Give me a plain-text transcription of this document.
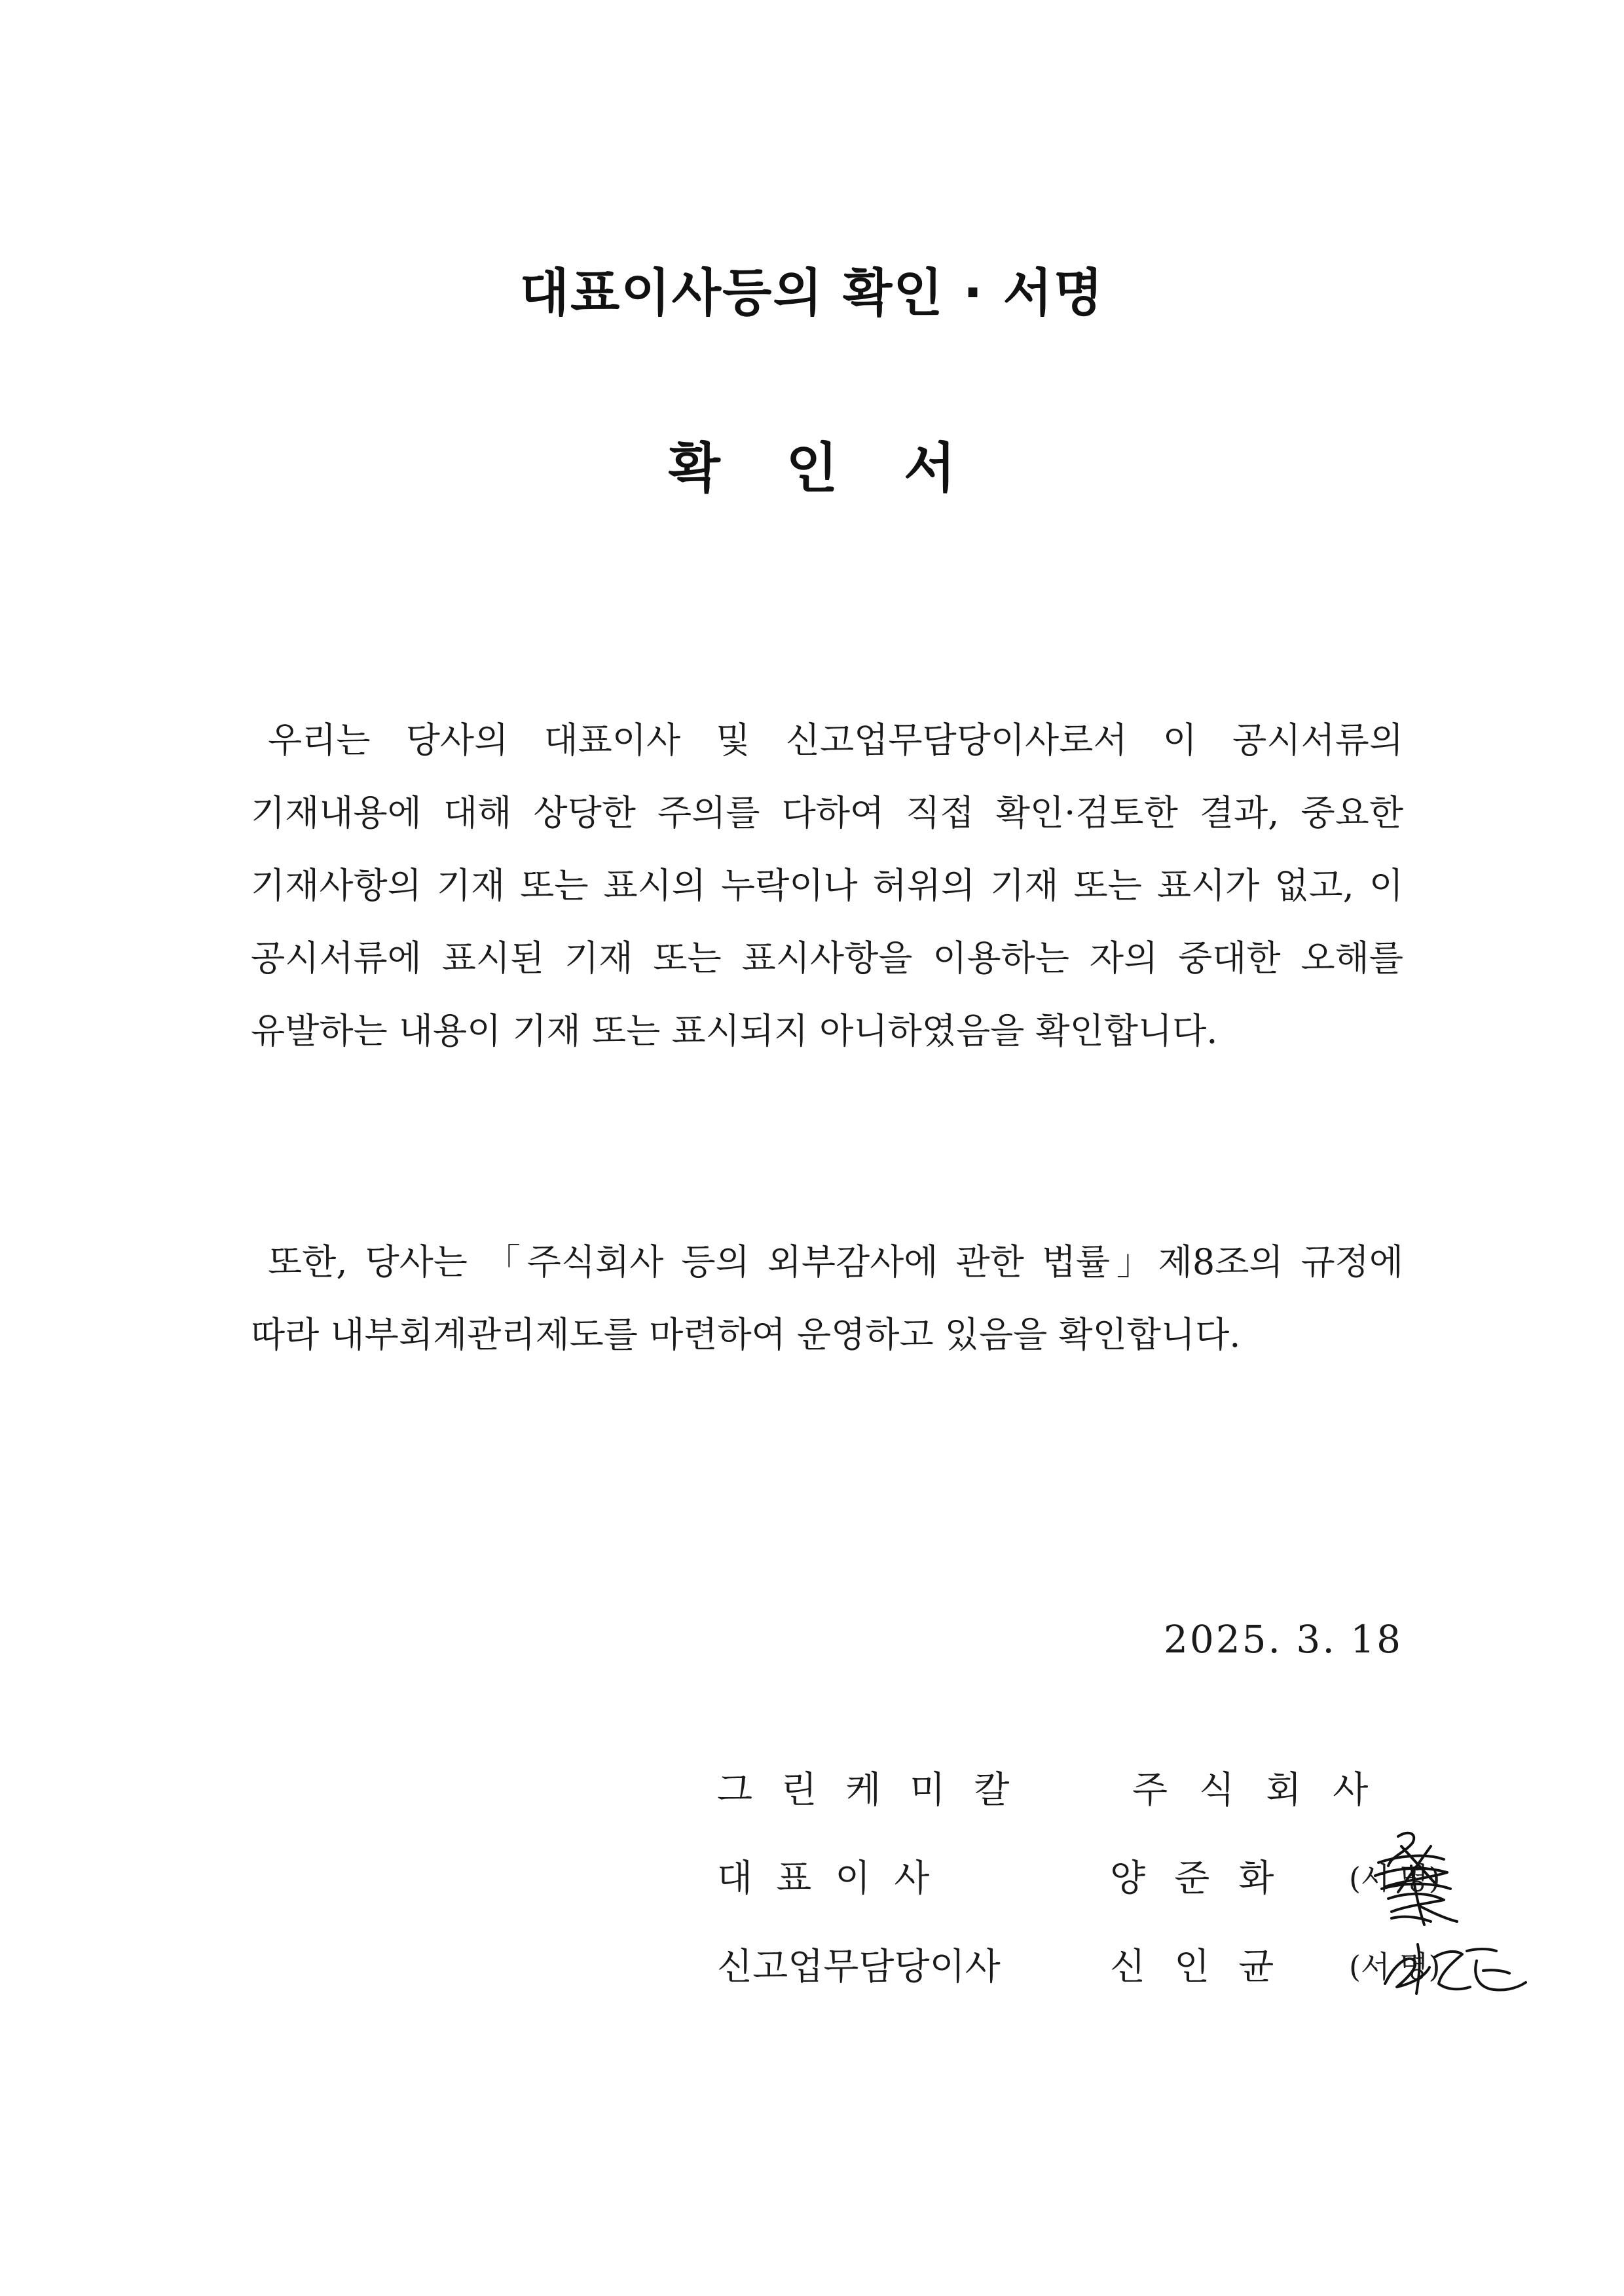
대표이사등의 확인 · 서명
확 인 서

우리는 당사의 대표이사 및 신고업무담당이사로서 이 공시서류의 기재내용에 대해 상당한 주의를 다하여 직접 확인·검토한 결과, 중요한 기재사항의 기재 또는 표시의 누락이나 허위의 기재 또는 표시가 없고, 이 공시서류에 표시된 기재 또는 표시사항을 이용하는 자의 중대한 오해를 유발하는 내용이 기재 또는 표시되지 아니하였음을 확인합니다.

또한, 당사는 「주식회사 등의 외부감사에 관한 법률」제8조의 규정에 따라 내부회계관리제도를 마련하여 운영하고 있음을 확인합니다.

2025. 3. 18

그린케미칼	주식회사
대표이사	양준화 (서 명)
신고업무담당이사	신인균 (서 명)
